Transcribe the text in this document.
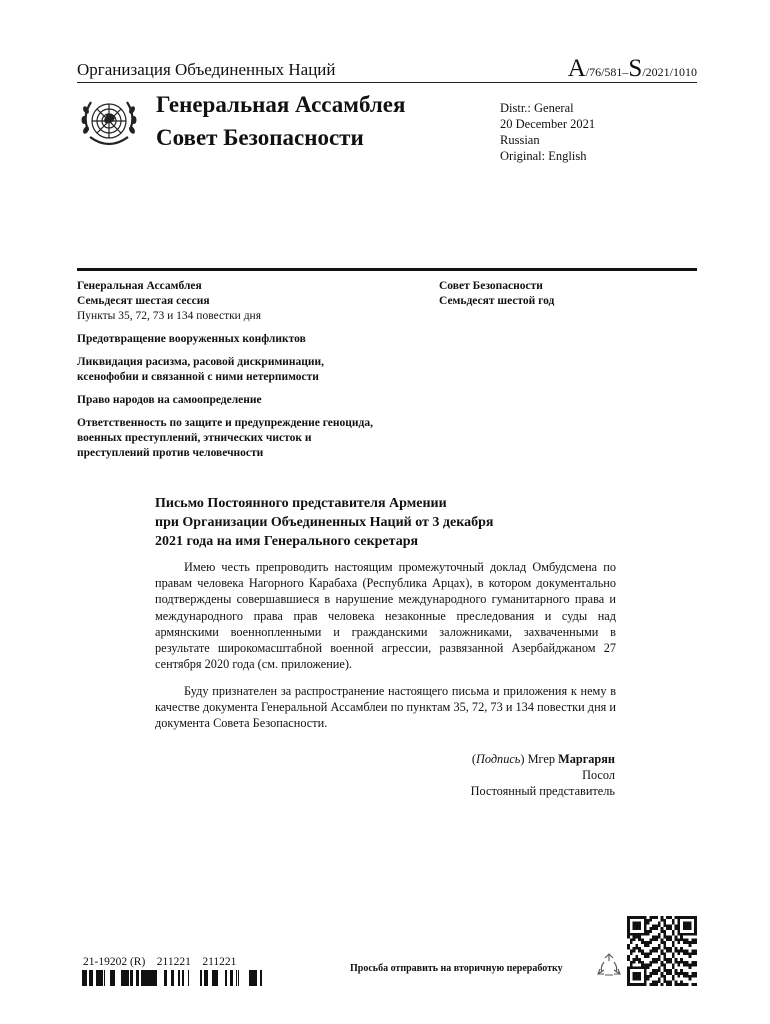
Организация Объединенных Наций	A/76/581–S/2021/1010
Генеральная Ассамблея
Совет Безопасности
Distr.: General
20 December 2021
Russian
Original: English
Генеральная Ассамблея
Семьдесят шестая сессия
Пункты 35, 72, 73 и 134 повестки дня
Предотвращение вооруженных конфликтов
Ликвидация расизма, расовой дискриминации,
ксенофобии и связанной с ними нетерпимости
Право народов на самоопределение
Ответственность по защите и предупреждение геноцида,
военных преступлений, этнических чисток и
преступлений против человечности
Совет Безопасности
Семьдесят шестой год
Письмо Постоянного представителя Армении
при Организации Объединенных Наций от 3 декабря
2021 года на имя Генерального секретаря
Имею честь препроводить настоящим промежуточный доклад Омбудсмена по правам человека Нагорного Карабаха (Республика Арцах), в котором документально подтверждены совершавшиеся в нарушение международного гуманитарного права и международного права прав человека незаконные преследования и суды над армянскими военнопленными и гражданскими заложниками, захваченными в результате широкомасштабной военной агрессии, развязанной Азербайджаном 27 сентября 2020 года (см. приложение).
Буду признателен за распространение настоящего письма и приложения к нему в качестве документа Генеральной Ассамблеи по пунктам 35, 72, 73 и 134 повестки дня и документа Совета Безопасности.
(Подпись) Мгер Маргарян
Посол
Постоянный представитель
21-19202 (R)    211221    211221
Просьба отправить на вторичную переработку
